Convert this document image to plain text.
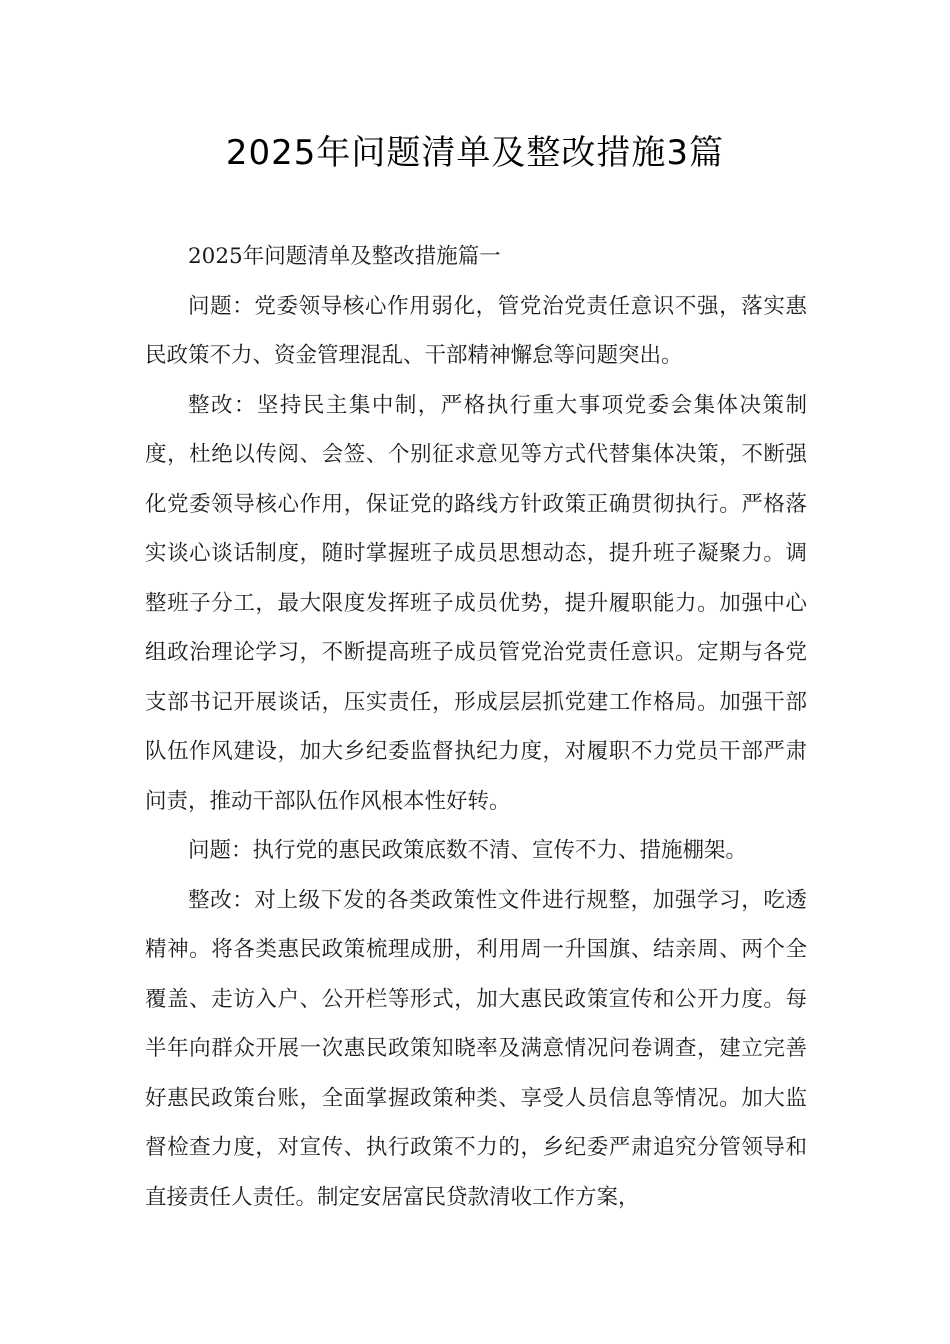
2025年问题清单及整改措施3篇

2025年问题清单及整改措施篇一

问题：党委领导核心作用弱化，管党治党责任意识不强，落实惠民政策不力、资金管理混乱、干部精神懈怠等问题突出。

整改：坚持民主集中制，严格执行重大事项党委会集体决策制度，杜绝以传阅、会签、个别征求意见等方式代替集体决策，不断强化党委领导核心作用，保证党的路线方针政策正确贯彻执行。严格落实谈心谈话制度，随时掌握班子成员思想动态，提升班子凝聚力。调整班子分工，最大限度发挥班子成员优势，提升履职能力。加强中心组政治理论学习，不断提高班子成员管党治党责任意识。定期与各党支部书记开展谈话，压实责任，形成层层抓党建工作格局。加强干部队伍作风建设，加大乡纪委监督执纪力度，对履职不力党员干部严肃问责，推动干部队伍作风根本性好转。

问题：执行党的惠民政策底数不清、宣传不力、措施棚架。

整改：对上级下发的各类政策性文件进行规整，加强学习，吃透精神。将各类惠民政策梳理成册，利用周一升国旗、结亲周、两个全覆盖、走访入户、公开栏等形式，加大惠民政策宣传和公开力度。每半年向群众开展一次惠民政策知晓率及满意情况问卷调查，建立完善好惠民政策台账，全面掌握政策种类、享受人员信息等情况。加大监督检查力度，对宣传、执行政策不力的，乡纪委严肃追究分管领导和直接责任人责任。制定安居富民贷款清收工作方案，
